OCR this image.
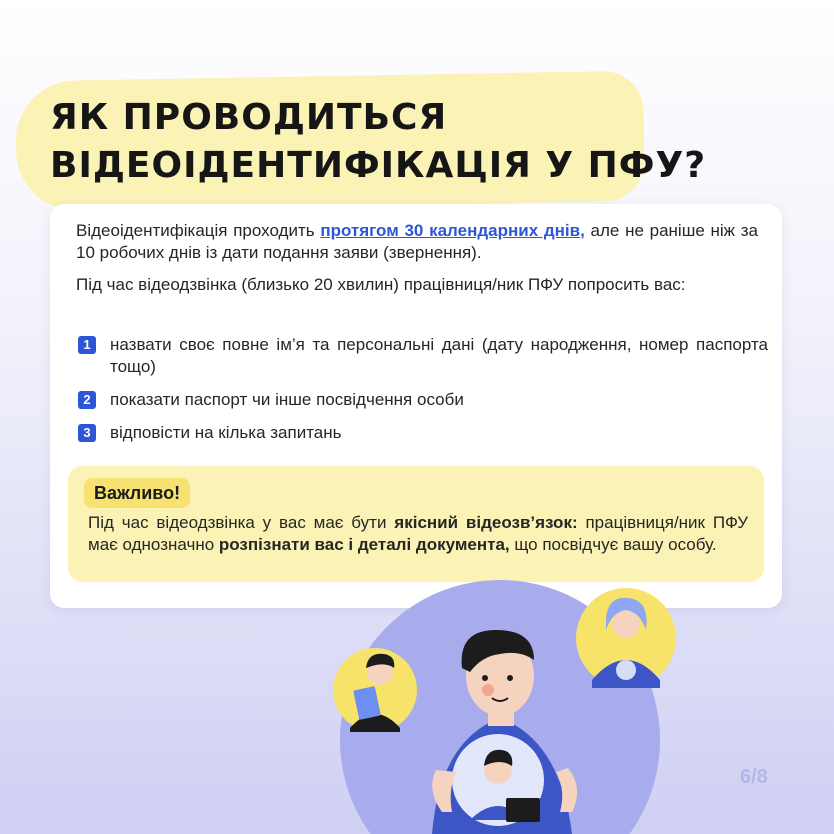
ЯК ПРОВОДИТЬСЯ
ВІДЕОІДЕНТИФІКАЦІЯ У ПФУ?

Відеоідентифікація проходить протягом 30 календарних днів, але не раніше ніж за 10 робочих днів із дати подання заяви (звернення).

Під час відеодзвінка (близько 20 хвилин) працівниця/ник ПФУ попросить вас:

1	назвати своє повне ім’я та персональні дані (дату народження, номер паспорта тощо)
2	показати паспорт чи інше посвідчення особи
3	відповісти на кілька запитань
Важливо!

Під час відеодзвінка у вас має бути якісний відеозв’язок: працівниця/ник ПФУ має однозначно розпізнати вас і деталі документа, що посвідчує вашу особу.

6/8
